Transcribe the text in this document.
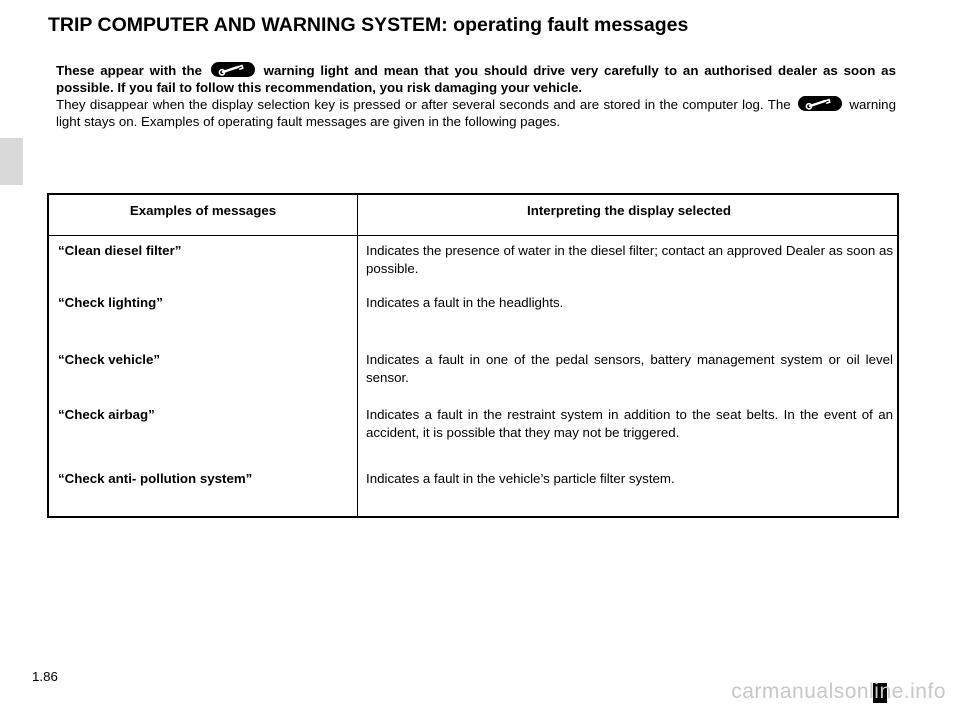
TRIP COMPUTER AND WARNING SYSTEM: operating fault messages

These appear with the	warning light and mean that you should drive very carefully to an authorised dealer as soon as possible. If you fail to follow this recommendation, you risk damaging your vehicle.

They disappear when the display selection key is pressed or after several seconds and are stored in the computer log. The	warning light stays on. Examples of operating fault messages are given in the following pages.

Examples of messages	Interpreting the display selected
“Clean diesel filter”	Indicates the presence of water in the diesel filter; contact an approved Dealer as soon as possible.
“Check lighting”	Indicates a fault in the headlights.
“Check vehicle”	Indicates a fault in one of the pedal sensors, battery management system or oil level sensor.
“Check airbag”	Indicates a fault in the restraint system in addition to the seat belts. In the event of an accident, it is possible that they may not be triggered.
“Check anti- pollution system”	Indicates a fault in the vehicle’s particle filter system.
1.86
carmanualsonline.info
